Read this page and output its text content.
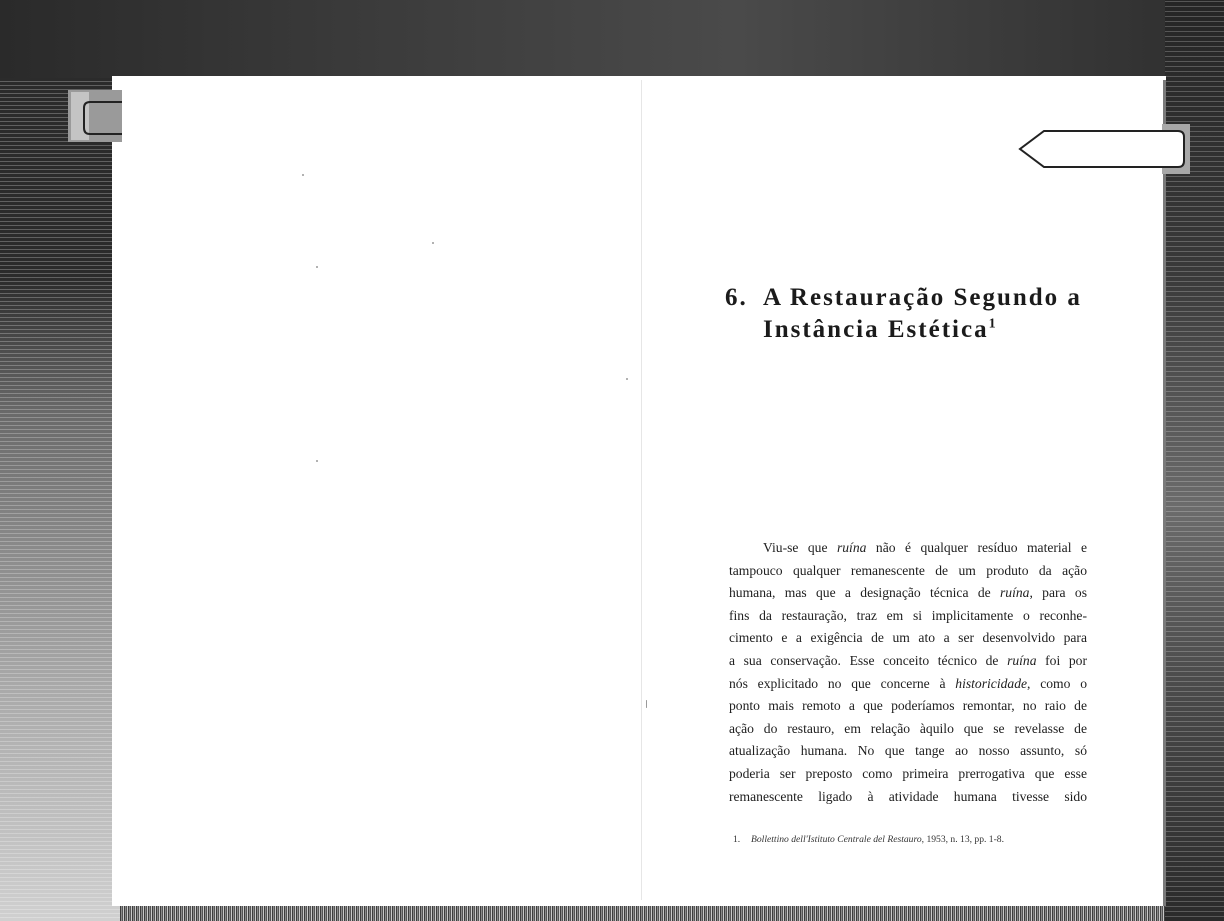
6. A Restauração Segundo a
Instância Estética$^1$
Viu-se que ruína não é qualquer resíduo material e
tampouco qualquer remanescente de um produto da ação
humana, mas que a designação técnica de ruína, para os
fins da restauração, traz em si implicitamente o reconhe-
cimento e a exigência de um ato a ser desenvolvido para
a sua conservação. Esse conceito técnico de ruína foi por
nós explicitado no que concerne à historicidade, como o
ponto mais remoto a que poderíamos remontar, no raio de
ação do restauro, em relação àquilo que se revelasse de
atualização humana. No que tange ao nosso assunto, só
poderia ser preposto como primeira prerrogativa que esse
remanescente ligado à atividade humana tivesse sido

1. Bollettino dell'Istituto Centrale del Restauro, 1953, n. 13, pp. 1-8.
